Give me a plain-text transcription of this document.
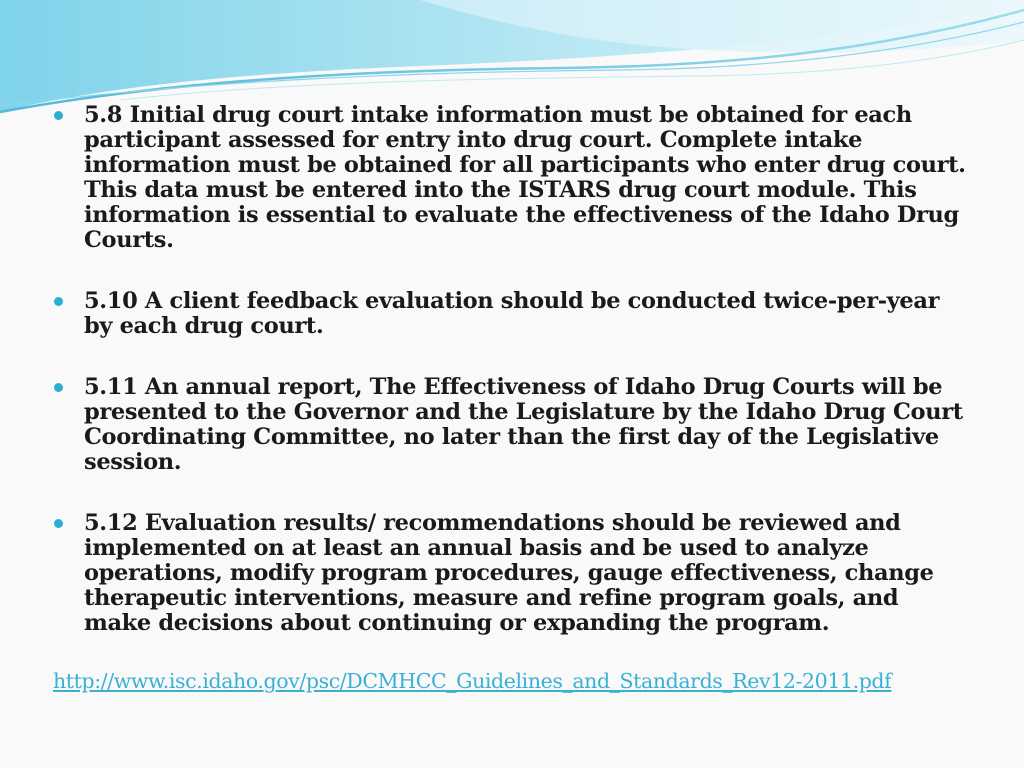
5.8 Initial drug court intake information must be obtained for each participant assessed for entry into drug court. Complete intake information must be obtained for all participants who enter drug court. This data must be entered into the ISTARS drug court module. This information is essential to evaluate the effectiveness of the Idaho Drug Courts.
5.10 A client feedback evaluation should be conducted twice-per-year by each drug court.
5.11 An annual report, The Effectiveness of Idaho Drug Courts will be presented to the Governor and the Legislature by the Idaho Drug Court Coordinating Committee, no later than the first day of the Legislative session.
5.12 Evaluation results/ recommendations should be reviewed and implemented on at least an annual basis and be used to analyze operations, modify program procedures, gauge effectiveness, change therapeutic interventions, measure and refine program goals, and make decisions about continuing or expanding the program.
http://www.isc.idaho.gov/psc/DCMHCC_Guidelines_and_Standards_Rev12-2011.pdf
